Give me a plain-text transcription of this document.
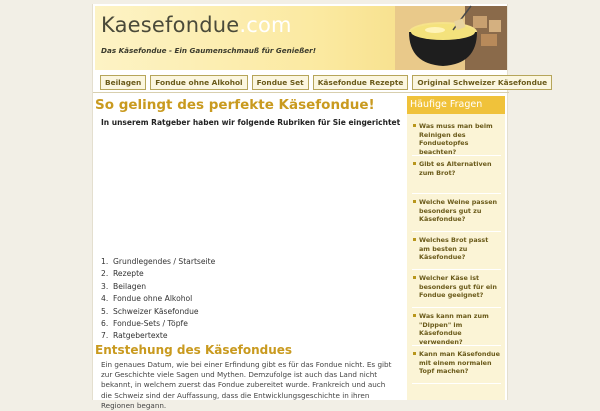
Kaesefondue.com
Das Käsefondue - Ein Gaumenschmauß für Genießer!
Beilagen	Fondue ohne Alkohol	Fondue Set	Käsefondue Rezepte	Original Schweizer Käsefondue
So gelingt des perfekte Käsefondue!

In unserem Ratgeber haben wir folgende Rubriken für Sie eingerichtet

1. Grundlegendes / Startseite
2. Rezepte
3. Beilagen
4. Fondue ohne Alkohol
5. Schweizer Käsefondue
6. Fondue-Sets / Töpfe
7. Ratgebertexte
Entstehung des Käsefondues

Ein genaues Datum, wie bei einer Erfindung gibt es für das Fondue nicht. Es gibt zur Geschichte viele Sagen und Mythen. Demzufolge ist auch das Land nicht bekannt, in welchem zuerst das Fondue zubereitet wurde. Frankreich und auch die Schweiz sind der Auffassung, dass die Entwicklungsgeschichte in ihren Regionen begann.

Häufige Fragen
Was muss man beim Reinigen des Fonduetopfes beachten?
Gibt es Alternativen zum Brot?
Welche Weine passen besonders gut zu Käsefondue?
Welches Brot passt am besten zu Käsefondue?
Welcher Käse ist besonders gut für ein Fondue geeignet?
Was kann man zum "Dippen" im Käsefondue verwenden?
Kann man Käsefondue mit einem normalen Topf machen?
